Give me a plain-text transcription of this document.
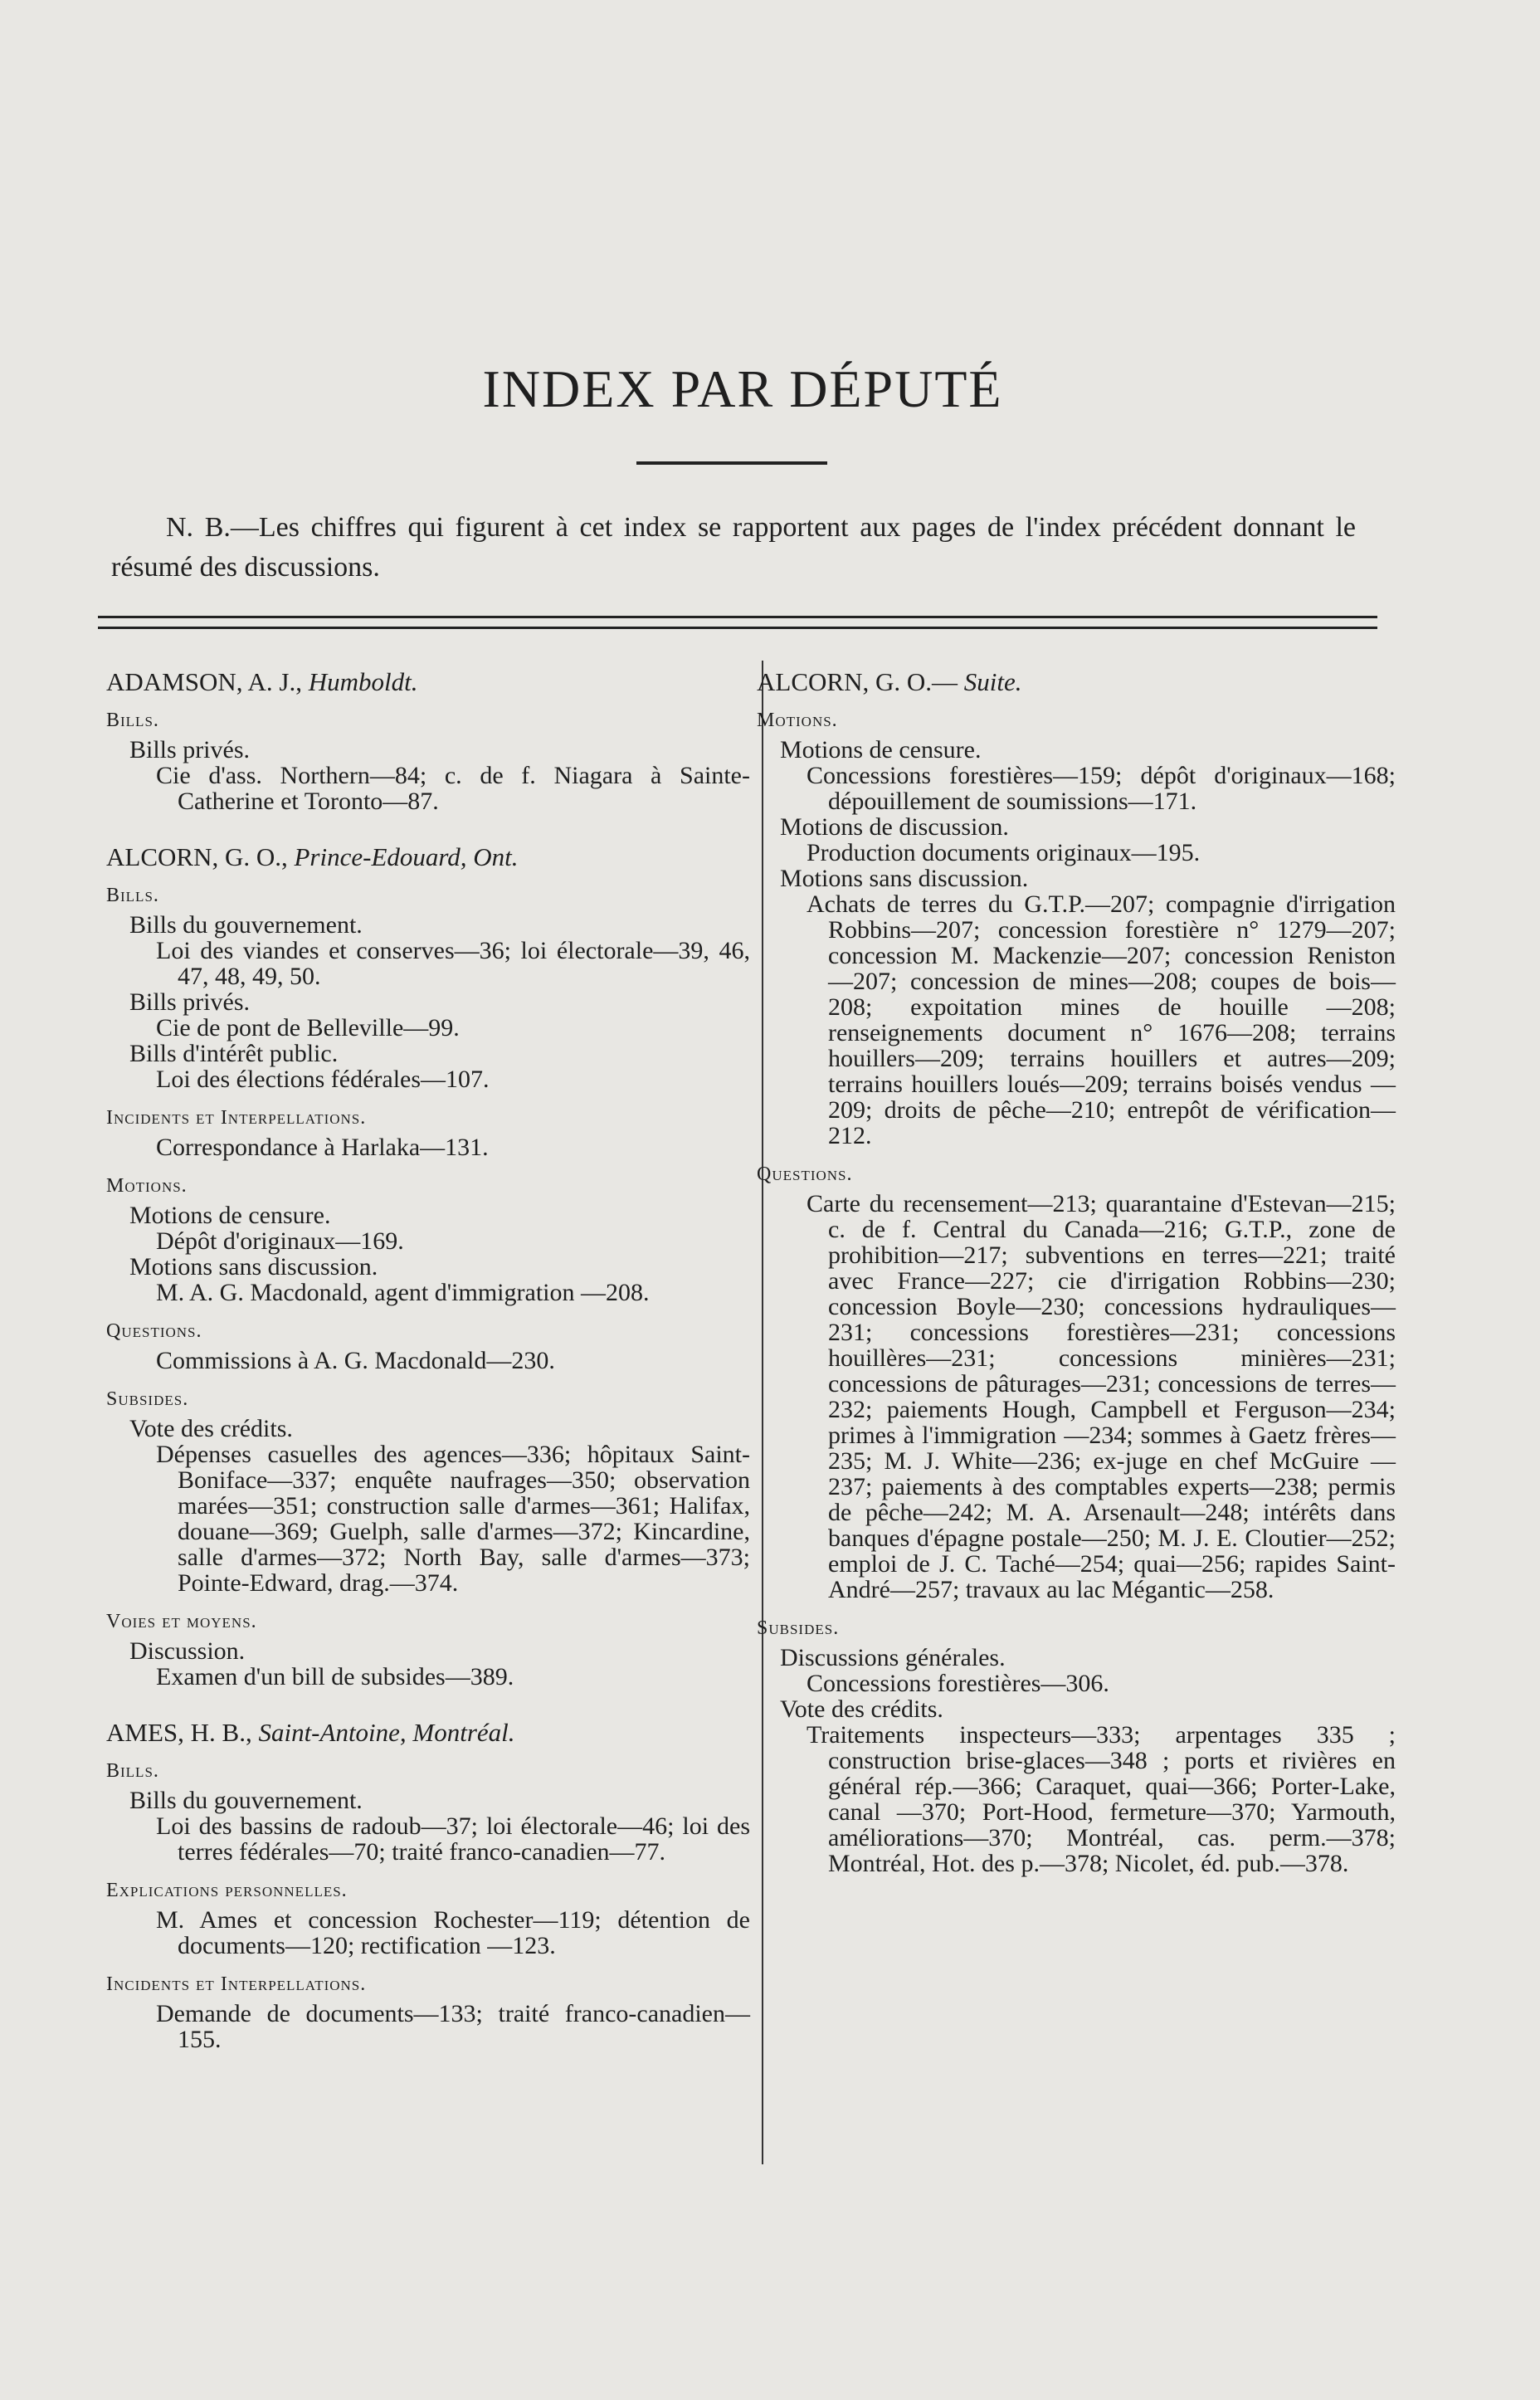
INDEX PAR DÉPUTÉ

N. B.—Les chiffres qui figurent à cet index se rapportent aux pages de l'index précédent donnant le résumé des discussions.

ADAMSON, A. J., Humboldt.
Bills.
Bills privés.
Cie d'ass. Northern—84; c. de f. Niagara à Sainte-Catherine et Toronto—87.
ALCORN, G. O., Prince-Edouard, Ont.
Bills.
Bills du gouvernement.
Loi des viandes et conserves—36; loi électorale—39, 46, 47, 48, 49, 50.
Bills privés.
Cie de pont de Belleville—99.
Bills d'intérêt public.
Loi des élections fédérales—107.
Incidents et Interpellations.
Correspondance à Harlaka—131.
Motions.
Motions de censure.
Dépôt d'originaux—169.
Motions sans discussion.
M. A. G. Macdonald, agent d'immigration —208.
Questions.
Commissions à A. G. Macdonald—230.
Subsides.
Vote des crédits.
Dépenses casuelles des agences—336; hôpitaux Saint-Boniface—337; enquête naufrages—350; observation marées—351; construction salle d'armes—361; Halifax, douane—369; Guelph, salle d'armes—372; Kincardine, salle d'armes—372; North Bay, salle d'armes—373; Pointe-Edward, drag.—374.
Voies et moyens.
Discussion.
Examen d'un bill de subsides—389.
AMES, H. B., Saint-Antoine, Montréal.
Bills.
Bills du gouvernement.
Loi des bassins de radoub—37; loi électorale—46; loi des terres fédérales—70; traité franco-canadien—77.
Explications personnelles.
M. Ames et concession Rochester—119; détention de documents—120; rectification —123.
Incidents et Interpellations.
Demande de documents—133; traité franco-canadien—155.
ALCORN, G. O.— Suite.
Motions.
Motions de censure.
Concessions forestières—159; dépôt d'originaux—168; dépouillement de soumissions—171.
Motions de discussion.
Production documents originaux—195.
Motions sans discussion.
Achats de terres du G.T.P.—207; compagnie d'irrigation Robbins—207; concession forestière n° 1279—207; concession M. Mackenzie—207; concession Reniston —207; concession de mines—208; coupes de bois—208; expoitation mines de houille —208; renseignements document n° 1676—208; terrains houillers—209; terrains houillers et autres—209; terrains houillers loués—209; terrains boisés vendus —209; droits de pêche—210; entrepôt de vérification—212.
Questions.
Carte du recensement—213; quarantaine d'Estevan—215; c. de f. Central du Canada—216; G.T.P., zone de prohibition—217; subventions en terres—221; traité avec France—227; cie d'irrigation Robbins—230; concession Boyle—230; concessions hydrauliques—231; concessions forestières—231; concessions houillères—231; concessions minières—231; concessions de pâturages—231; concessions de terres—232; paiements Hough, Campbell et Ferguson—234; primes à l'immigration —234; sommes à Gaetz frères—235; M. J. White—236; ex-juge en chef McGuire —237; paiements à des comptables experts—238; permis de pêche—242; M. A. Arsenault—248; intérêts dans banques d'épagne postale—250; M. J. E. Cloutier—252; emploi de J. C. Taché—254; quai—256; rapides Saint-André—257; travaux au lac Mégantic—258.
Subsides.
Discussions générales.
Concessions forestières—306.
Vote des crédits.
Traitements inspecteurs—333; arpentages 335 ; construction brise-glaces—348 ; ports et rivières en général rép.—366; Caraquet, quai—366; Porter-Lake, canal —370; Port-Hood, fermeture—370; Yarmouth, améliorations—370; Montréal, cas. perm.—378; Montréal, Hot. des p.—378; Nicolet, éd. pub.—378.
